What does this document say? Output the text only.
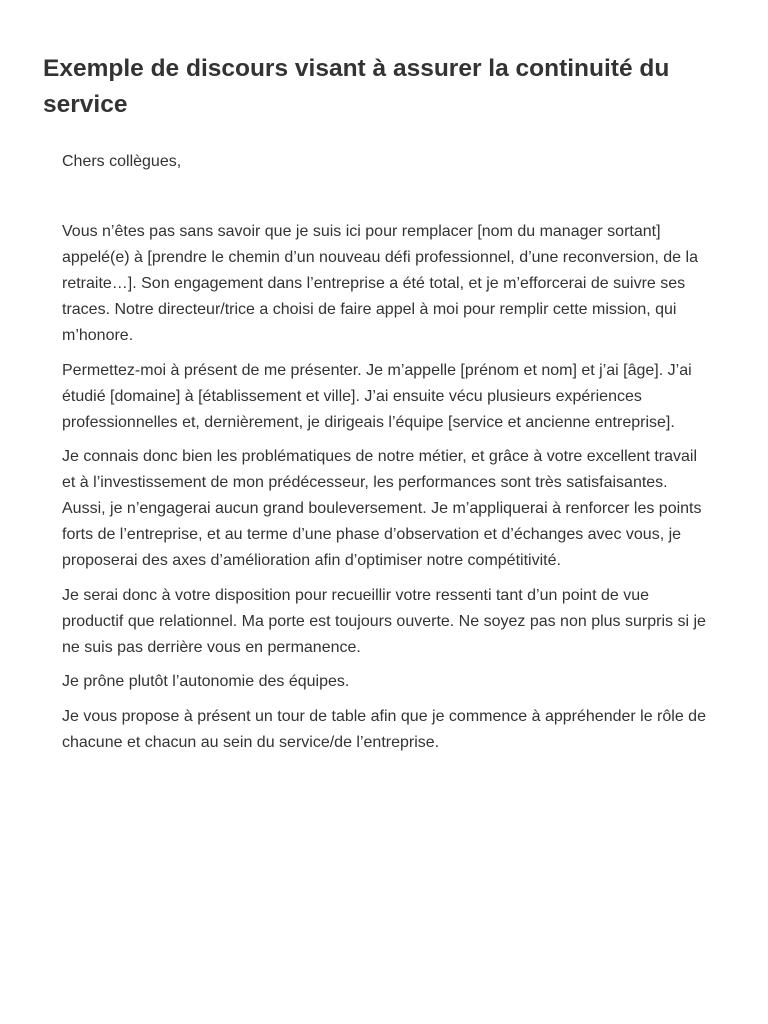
Exemple de discours visant à assurer la continuité du service

Chers collègues,

Vous n’êtes pas sans savoir que je suis ici pour remplacer [nom du manager sortant] appelé(e) à [prendre le chemin d’un nouveau défi professionnel, d’une reconversion, de la retraite…]. Son engagement dans l’entreprise a été total, et je m’efforcerai de suivre ses traces. Notre directeur/trice a choisi de faire appel à moi pour remplir cette mission, qui m’honore.

Permettez-moi à présent de me présenter. Je m’appelle [prénom et nom] et j’ai [âge]. J’ai étudié [domaine] à [établissement et ville]. J’ai ensuite vécu plusieurs expériences professionnelles et, dernièrement, je dirigeais l’équipe [service et ancienne entreprise].

Je connais donc bien les problématiques de notre métier, et grâce à votre excellent travail et à l’investissement de mon prédécesseur, les performances sont très satisfaisantes. Aussi, je n’engagerai aucun grand bouleversement. Je m’appliquerai à renforcer les points forts de l’entreprise, et au terme d’une phase d’observation et d’échanges avec vous, je proposerai des axes d’amélioration afin d’optimiser notre compétitivité.

Je serai donc à votre disposition pour recueillir votre ressenti tant d’un point de vue productif que relationnel. Ma porte est toujours ouverte. Ne soyez pas non plus surpris si je ne suis pas derrière vous en permanence.

Je prône plutôt l’autonomie des équipes.

Je vous propose à présent un tour de table afin que je commence à appréhender le rôle de chacune et chacun au sein du service/de l’entreprise.
